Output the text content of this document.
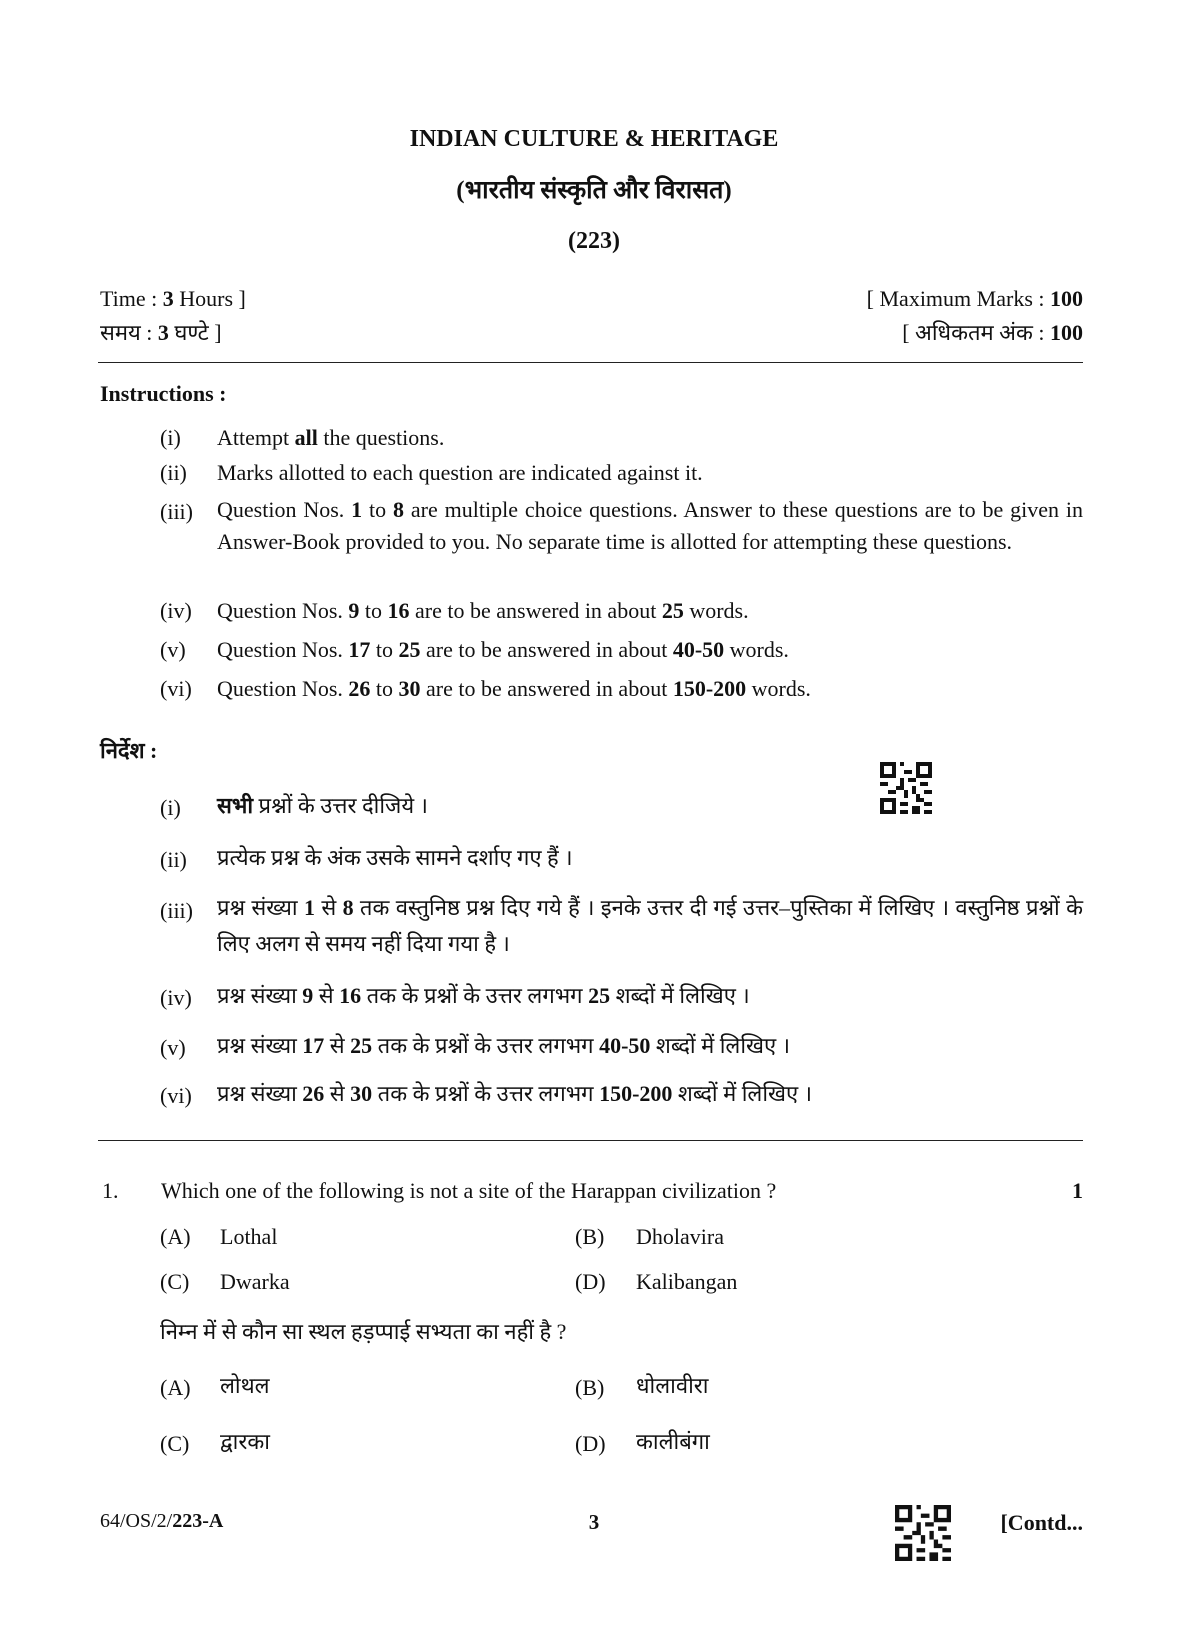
INDIAN CULTURE & HERITAGE
(भारतीय संस्कृति और विरासत)
(223)
Time : 3 Hours ]
समय : 3 घण्टे ]
[ Maximum Marks : 100
[ अधिकतम अंक : 100
Instructions :
(i) Attempt all the questions.
(ii) Marks allotted to each question are indicated against it.
(iii) Question Nos. 1 to 8 are multiple choice questions. Answer to these questions are to be given in Answer-Book provided to you. No separate time is allotted for attempting these questions.
(iv) Question Nos. 9 to 16 are to be answered in about 25 words.
(v) Question Nos. 17 to 25 are to be answered in about 40-50 words.
(vi) Question Nos. 26 to 30 are to be answered in about 150-200 words.
निर्देश :
(i) सभी प्रश्नों के उत्तर दीजिये ।
(ii) प्रत्येक प्रश्न के अंक उसके सामने दर्शाए गए हैं ।
(iii) प्रश्न संख्या 1 से 8 तक वस्तुनिष्ठ प्रश्न दिए गये हैं । इनके उत्तर दी गई उत्तर–पुस्तिका में लिखिए । वस्तुनिष्ठ प्रश्नों के लिए अलग से समय नहीं दिया गया है ।
(iv) प्रश्न संख्या 9 से 16 तक के प्रश्नों के उत्तर लगभग 25 शब्दों में लिखिए ।
(v) प्रश्न संख्या 17 से 25 तक के प्रश्नों के उत्तर लगभग 40-50 शब्दों में लिखिए ।
(vi) प्रश्न संख्या 26 से 30 तक के प्रश्नों के उत्तर लगभग 150-200 शब्दों में लिखिए ।
1. Which one of the following is not a site of the Harappan civilization ?	1
(A) Lothal	(B) Dholavira
(C) Dwarka	(D) Kalibangan
निम्न में से कौन सा स्थल हड़प्पाई सभ्यता का नहीं है ?
(A) लोथल	(B) धोलावीरा
(C) द्वारका	(D) कालीबंगा
64/OS/2/223-A	3	[Contd...
